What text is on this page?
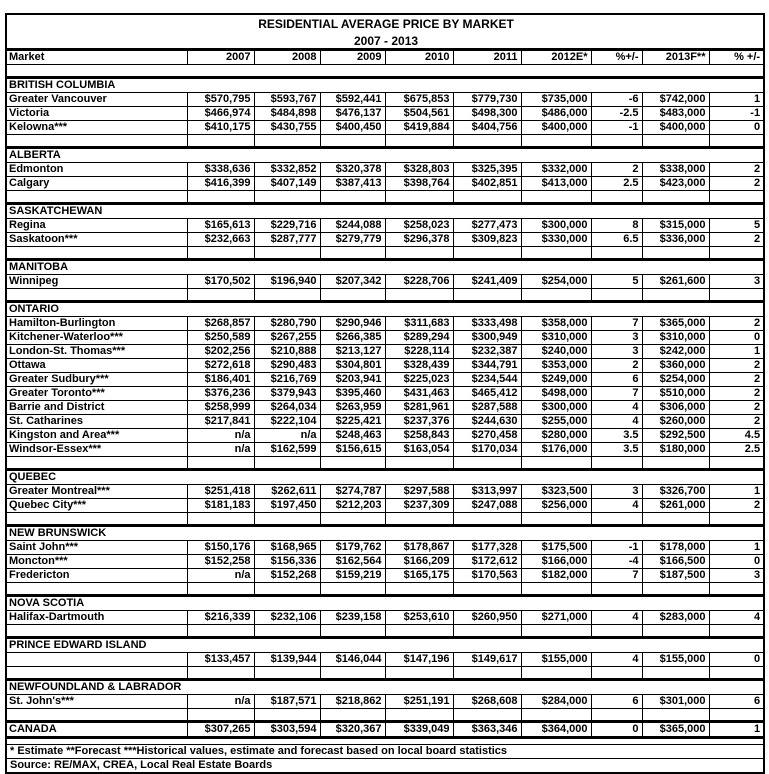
RESIDENTIAL AVERAGE PRICE BY MARKET									
2007 - 2013									
Market	2007	2008	2009	2010	2011	2012E*	%+/-	2013F**	% +/-

BRITISH COLUMBIA									
Greater Vancouver	$570,795	$593,767	$592,441	$675,853	$779,730	$735,000	-6	$742,000	1
Victoria	$466,974	$484,898	$476,137	$504,561	$498,300	$486,000	-2.5	$483,000	-1
Kelowna***	$410,175	$430,755	$400,450	$419,884	$404,756	$400,000	-1	$400,000	0

ALBERTA									
Edmonton	$338,636	$332,852	$320,378	$328,803	$325,395	$332,000	2	$338,000	2
Calgary	$416,399	$407,149	$387,413	$398,764	$402,851	$413,000	2.5	$423,000	2

SASKATCHEWAN									
Regina	$165,613	$229,716	$244,088	$258,023	$277,473	$300,000	8	$315,000	5
Saskatoon***	$232,663	$287,777	$279,779	$296,378	$309,823	$330,000	6.5	$336,000	2

MANITOBA									
Winnipeg	$170,502	$196,940	$207,342	$228,706	$241,409	$254,000	5	$261,600	3

ONTARIO									
Hamilton-Burlington	$268,857	$280,790	$290,946	$311,683	$333,498	$358,000	7	$365,000	2
Kitchener-Waterloo***	$250,589	$267,255	$266,385	$289,294	$300,949	$310,000	3	$310,000	0
London-St. Thomas***	$202,256	$210,888	$213,127	$228,114	$232,387	$240,000	3	$242,000	1
Ottawa	$272,618	$290,483	$304,801	$328,439	$344,791	$353,000	2	$360,000	2
Greater Sudbury***	$186,401	$216,769	$203,941	$225,023	$234,544	$249,000	6	$254,000	2
Greater Toronto***	$376,236	$379,943	$395,460	$431,463	$465,412	$498,000	7	$510,000	2
Barrie and District	$258,999	$264,034	$263,959	$281,961	$287,588	$300,000	4	$306,000	2
St. Catharines	$217,841	$222,104	$225,421	$237,376	$244,630	$255,000	4	$260,000	2
Kingston and Area***	n/a	n/a	$248,463	$258,843	$270,458	$280,000	3.5	$292,500	4.5
Windsor-Essex***	n/a	$162,599	$156,615	$163,054	$170,034	$176,000	3.5	$180,000	2.5

QUEBEC									
Greater Montreal***	$251,418	$262,611	$274,787	$297,588	$313,997	$323,500	3	$326,700	1
Quebec City***	$181,183	$197,450	$212,203	$237,309	$247,088	$256,000	4	$261,000	2

NEW BRUNSWICK									
Saint John***	$150,176	$168,965	$179,762	$178,867	$177,328	$175,500	-1	$178,000	1
Moncton***	$152,258	$156,336	$162,564	$166,209	$172,612	$166,000	-4	$166,500	0
Fredericton	n/a	$152,268	$159,219	$165,175	$170,563	$182,000	7	$187,500	3

NOVA SCOTIA									
Halifax-Dartmouth	$216,339	$232,106	$239,158	$253,610	$260,950	$271,000	4	$283,000	4

PRINCE EDWARD ISLAND									
	$133,457	$139,944	$146,044	$147,196	$149,617	$155,000	4	$155,000	0

NEWFOUNDLAND & LABRADOR									
St. John's***	n/a	$187,571	$218,862	$251,191	$268,608	$284,000	6	$301,000	6

CANADA	$307,265	$303,594	$320,367	$339,049	$363,346	$364,000	0	$365,000	1

* Estimate **Forecast ***Historical values, estimate and forecast based on local board statistics									
Source: RE/MAX, CREA, Local Real Estate Boards									
